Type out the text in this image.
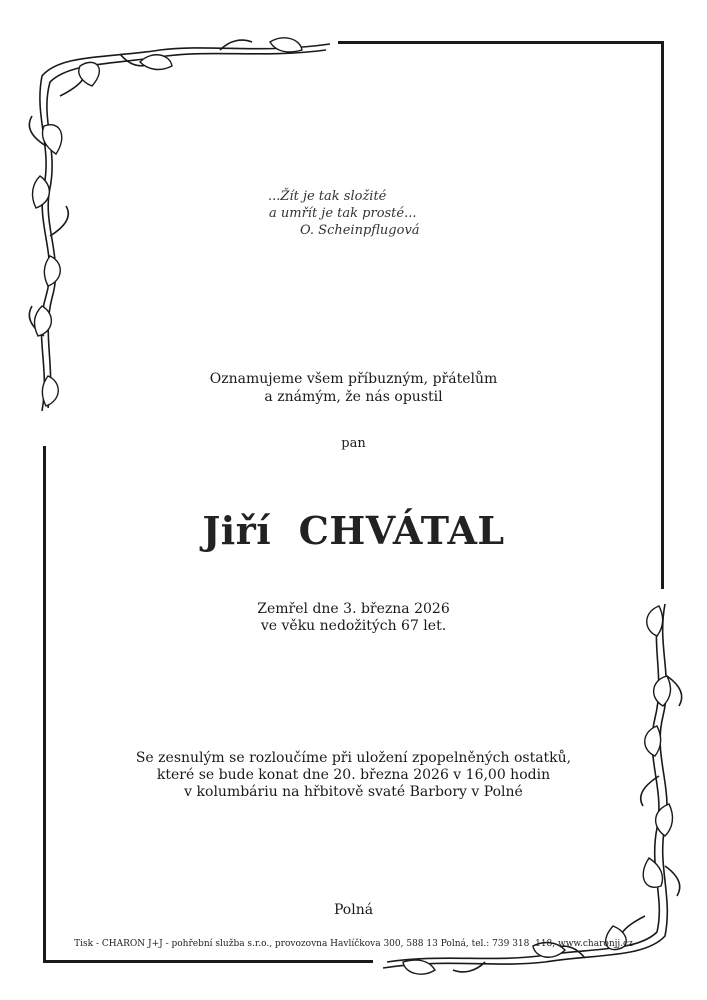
...Žít je tak složité
a umřít je tak prosté...
O. Scheinpflugová
Oznamujeme všem příbuzným, přátelům
a známým, že nás opustil
pan
Jiří  CHVÁTAL
Zemřel dne 3. března 2026
ve věku nedožitých 67 let.
Se zesnulým se rozloučíme při uložení zpopelněných ostatků,
které se bude konat dne 20. března 2026 v 16,00 hodin
v kolumbáriu na hřbitově svaté Barbory v Polné
Polná
Tisk - CHARON J+J - pohřební služba s.r.o., provozovna Havlíčkova 300, 588 13 Polná, tel.: 739 318  118, www.charonjj.cz
